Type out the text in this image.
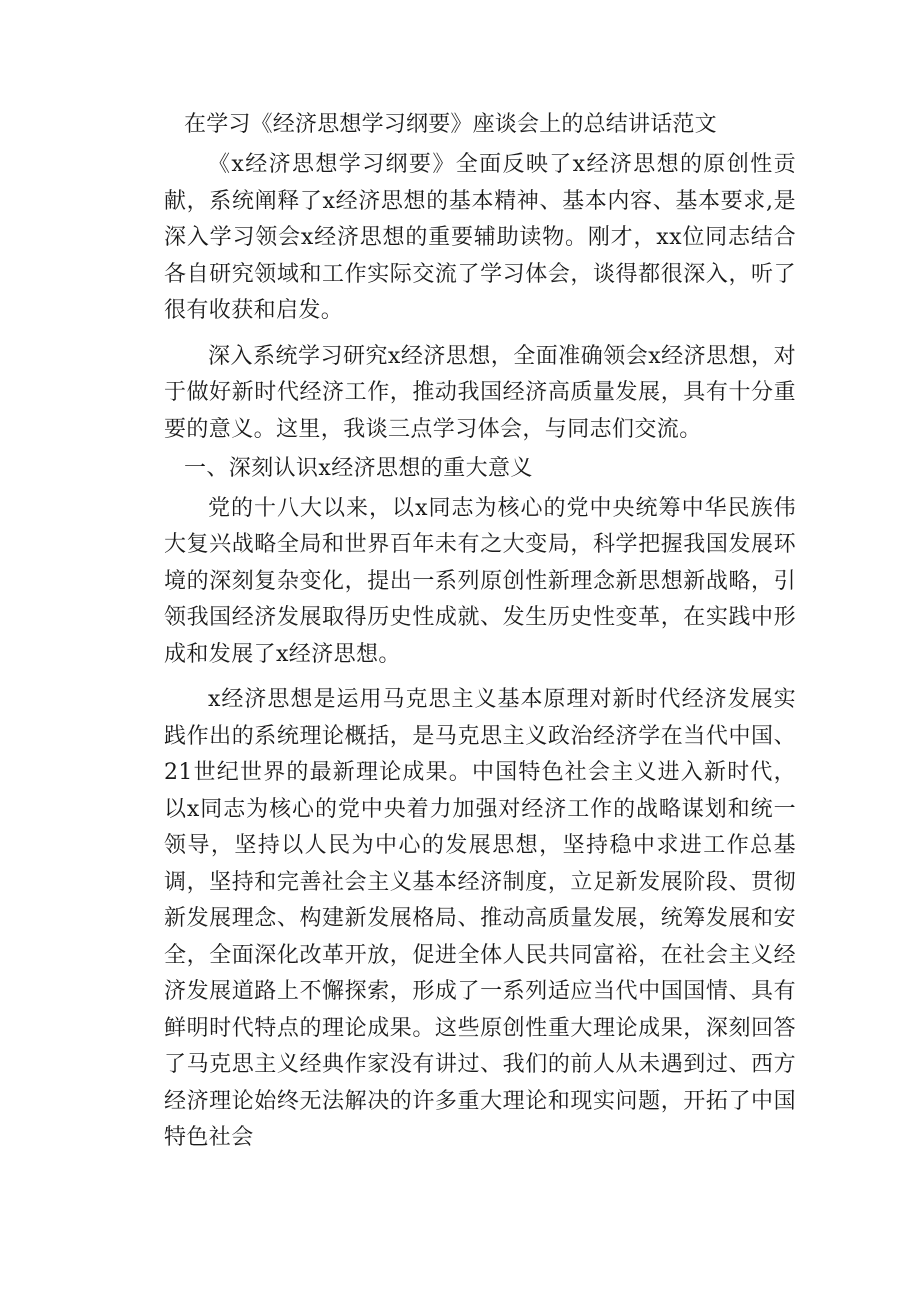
在学习《经济思想学习纲要》座谈会上的总结讲话范文

《x经济思想学习纲要》全面反映了x经济思想的原创性贡献，系统阐释了x经济思想的基本精神、基本内容、基本要求,是深入学习领会x经济思想的重要辅助读物。刚才，xx位同志结合各自研究领域和工作实际交流了学习体会，谈得都很深入，听了很有收获和启发。

深入系统学习研究x经济思想，全面准确领会x经济思想，对于做好新时代经济工作，推动我国经济高质量发展，具有十分重要的意义。这里，我谈三点学习体会，与同志们交流。

一、深刻认识x经济思想的重大意义

党的十八大以来，以x同志为核心的党中央统筹中华民族伟大复兴战略全局和世界百年未有之大变局，科学把握我国发展环境的深刻复杂变化，提出一系列原创性新理念新思想新战略，引领我国经济发展取得历史性成就、发生历史性变革，在实践中形成和发展了x经济思想。

x经济思想是运用马克思主义基本原理对新时代经济发展实践作出的系统理论概括，是马克思主义政治经济学在当代中国、21世纪世界的最新理论成果。中国特色社会主义进入新时代，以x同志为核心的党中央着力加强对经济工作的战略谋划和统一领导，坚持以人民为中心的发展思想，坚持稳中求进工作总基调，坚持和完善社会主义基本经济制度，立足新发展阶段、贯彻新发展理念、构建新发展格局、推动高质量发展，统筹发展和安全，全面深化改革开放，促进全体人民共同富裕，在社会主义经济发展道路上不懈探索，形成了一系列适应当代中国国情、具有鲜明时代特点的理论成果。这些原创性重大理论成果，深刻回答了马克思主义经典作家没有讲过、我们的前人从未遇到过、西方经济理论始终无法解决的许多重大理论和现实问题，开拓了中国特色社会
